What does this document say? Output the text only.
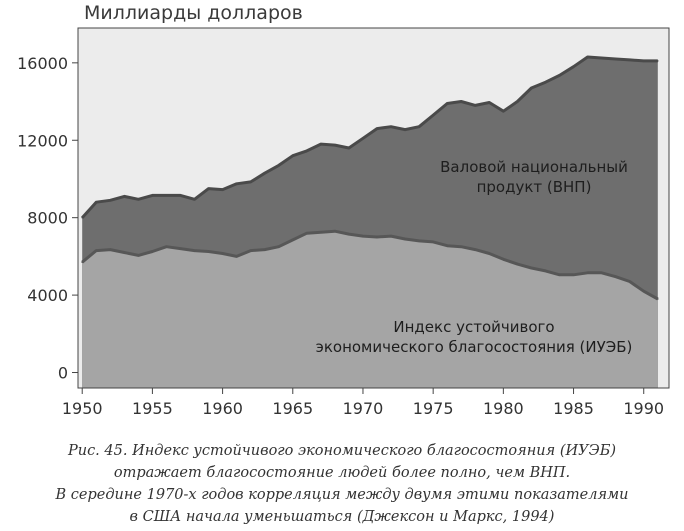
0
4000
8000
12000
16000
1950 1955 1960 1965 1970 1975 1980 1985 1990
Валовой национальный
продукт (ВНП)
Индекс устойчивого
экономического благосостояния (ИУЭБ)
Миллиарды долларов
Рис. 45. Индекс устойчивого экономического благосостояния (ИУЭБ)
отражает благосостояние людей более полно, чем ВНП.
В середине 1970-х годов корреляция между двумя этими показателями
в США начала уменьшаться (Джексон и Маркс, 1994)
